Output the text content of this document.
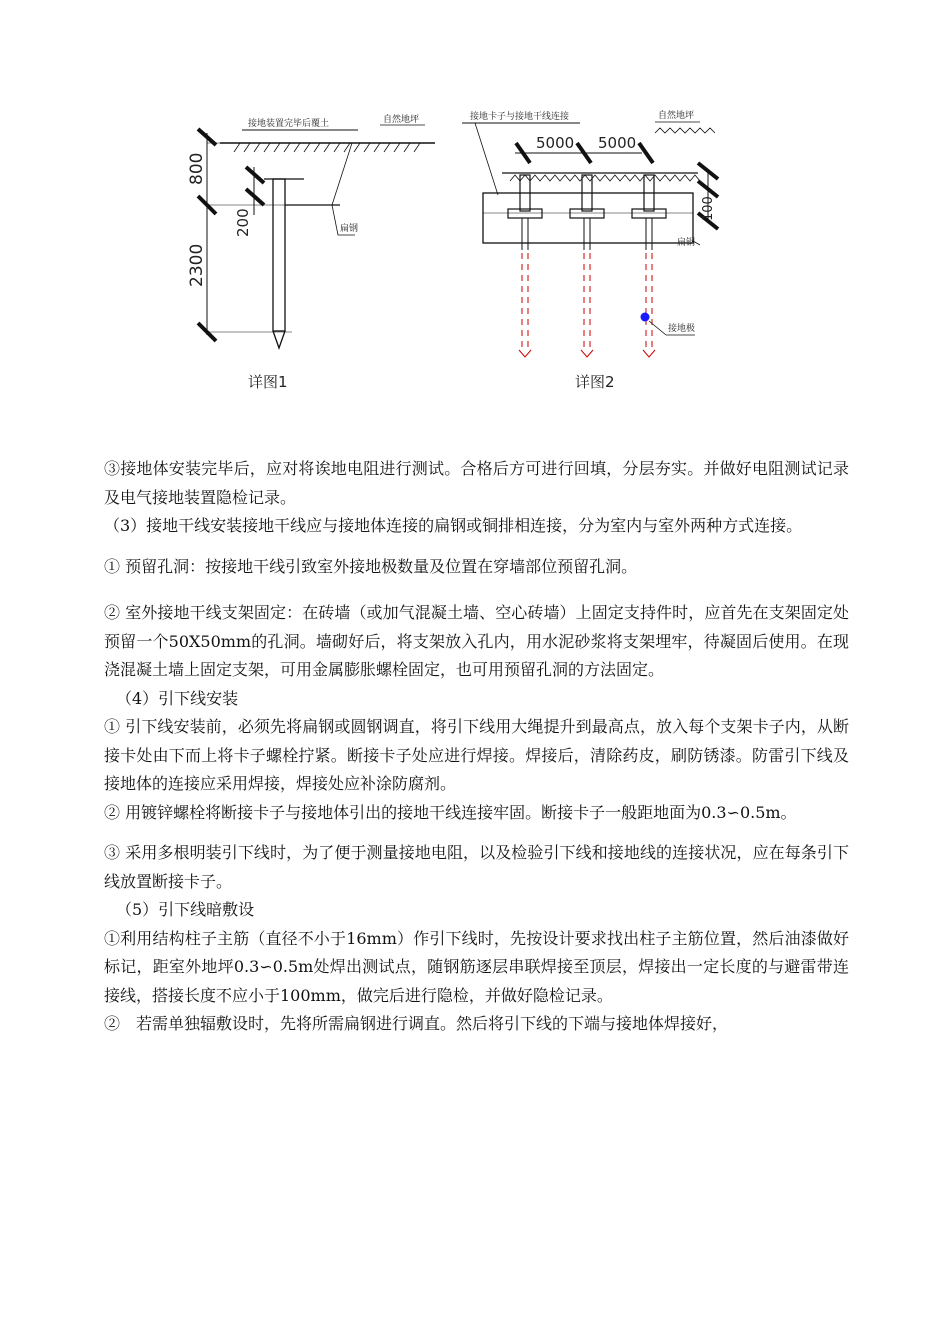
接地装置完毕后覆土	自然地坪
800
200
2300
扁钢
详图1
接地卡子与接地干线连接	自然地坪
5000 5000
100
扁钢
接地极
详图2

③接地体安装完毕后，应对将诶地电阻进行测试。合格后方可进行回填，分层夯实。并做好电阻测试记录及电气接地装置隐检记录。

（3）接地干线安装接地干线应与接地体连接的扁钢或铜排相连接，分为室内与室外两种方式连接。

① 预留孔洞：按接地干线引致室外接地极数量及位置在穿墙部位预留孔洞。

② 室外接地干线支架固定：在砖墙（或加气混凝土墙、空心砖墙）上固定支持件时，应首先在支架固定处预留一个50X50mm的孔洞。墙砌好后，将支架放入孔内，用水泥砂浆将支架埋牢，待凝固后使用。在现浇混凝土墙上固定支架，可用金属膨胀螺栓固定，也可用预留孔洞的方法固定。

（4）引下线安装

① 引下线安装前，必须先将扁钢或圆钢调直，将引下线用大绳提升到最高点，放入每个支架卡子内，从断接卡处由下而上将卡子螺栓拧紧。断接卡子处应进行焊接。焊接后，清除药皮，刷防锈漆。防雷引下线及接地体的连接应采用焊接，焊接处应补涂防腐剂。

② 用镀锌螺栓将断接卡子与接地体引出的接地干线连接牢固。断接卡子一般距地面为0.3∽0.5m。

③ 采用多根明装引下线时，为了便于测量接地电阻，以及检验引下线和接地线的连接状况，应在每条引下线放置断接卡子。

（5）引下线暗敷设

①利用结构柱子主筋（直径不小于16mm）作引下线时，先按设计要求找出柱子主筋位置，然后油漆做好标记，距室外地坪0.3∽0.5m处焊出测试点，随钢筋逐层串联焊接至顶层，焊接出一定长度的与避雷带连接线，搭接长度不应小于100mm，做完后进行隐检，并做好隐检记录。

②　若需单独辐敷设时，先将所需扁钢进行调直。然后将引下线的下端与接地体焊接好，
